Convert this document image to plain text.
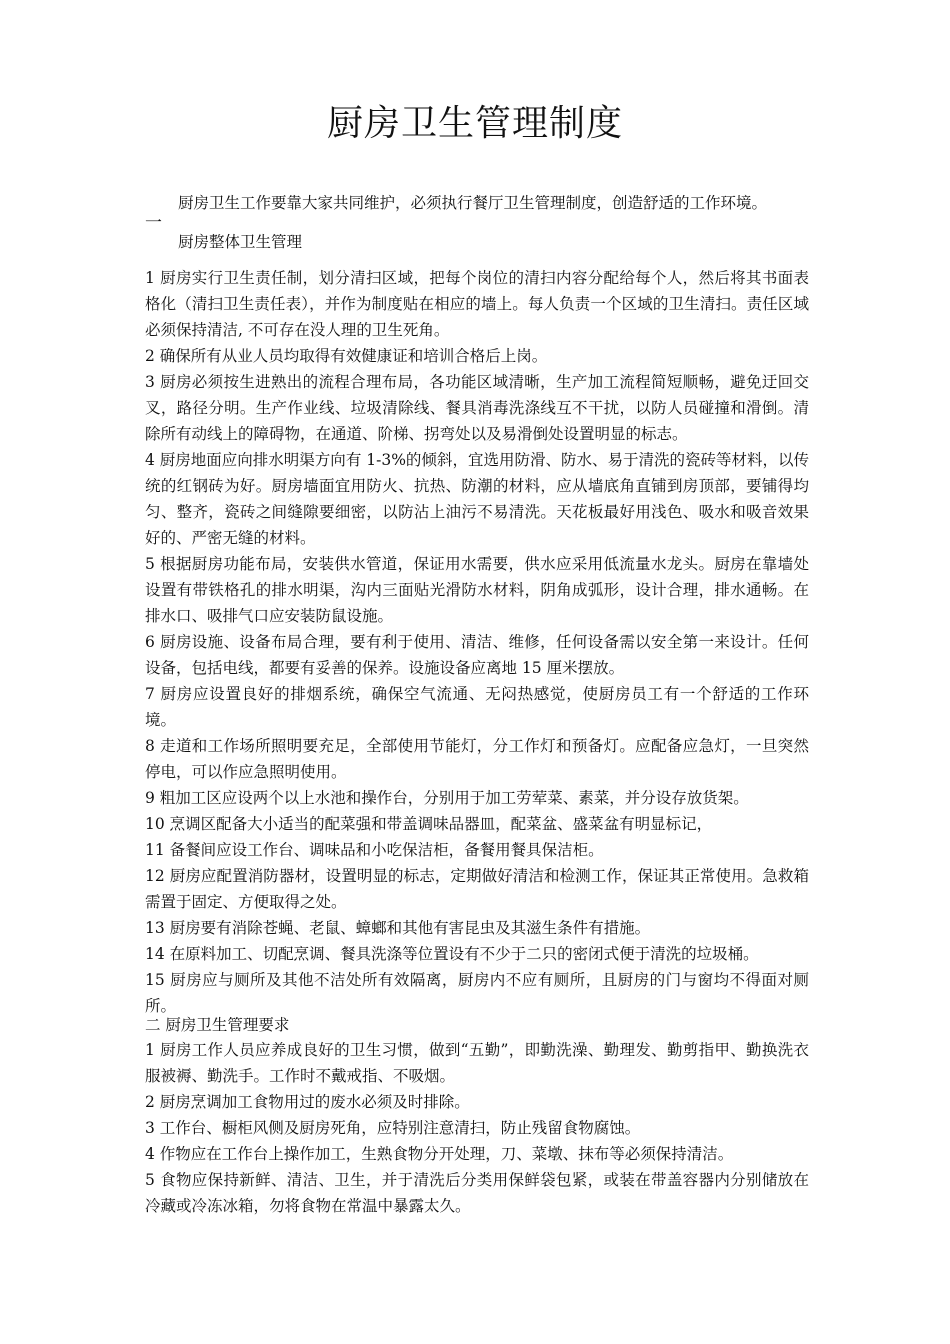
厨房卫生管理制度

厨房卫生工作要靠大家共同维护，必须执行餐厅卫生管理制度，创造舒适的工作环境。

一
厨房整体卫生管理
1 厨房实行卫生责任制，划分清扫区域，把每个岗位的清扫内容分配给每个人，然后将其书面表格化（清扫卫生责任表），并作为制度贴在相应的墙上。每人负责一个区域的卫生清扫。责任区域必须保持清洁, 不可存在没人理的卫生死角。
2 确保所有从业人员均取得有效健康证和培训合格后上岗。
3 厨房必须按生进熟出的流程合理布局，各功能区域清晰，生产加工流程简短顺畅，避免迂回交叉，路径分明。生产作业线、垃圾清除线、餐具消毒洗涤线互不干扰，以防人员碰撞和滑倒。清除所有动线上的障碍物，在通道、阶梯、拐弯处以及易滑倒处设置明显的标志。
4 厨房地面应向排水明渠方向有 1-3%的倾斜，宜选用防滑、防水、易于清洗的瓷砖等材料，以传统的红钢砖为好。厨房墙面宜用防火、抗热、防潮的材料，应从墙底角直铺到房顶部，要铺得均匀、整齐，瓷砖之间缝隙要细密，以防沾上油污不易清洗。天花板最好用浅色、吸水和吸音效果好的、严密无缝的材料。
5 根据厨房功能布局，安装供水管道，保证用水需要，供水应采用低流量水龙头。厨房在靠墙处设置有带铁格孔的排水明渠，沟内三面贴光滑防水材料，阴角成弧形，设计合理，排水通畅。在排水口、吸排气口应安装防鼠设施。
6 厨房设施、设备布局合理，要有利于使用、清洁、维修，任何设备需以安全第一来设计。任何设备，包括电线，都要有妥善的保养。设施设备应离地 15 厘米摆放。
7 厨房应设置良好的排烟系统，确保空气流通、无闷热感觉，使厨房员工有一个舒适的工作环境。
8 走道和工作场所照明要充足，全部使用节能灯，分工作灯和预备灯。应配备应急灯，一旦突然停电，可以作应急照明使用。
9 粗加工区应设两个以上水池和操作台，分别用于加工劳荤菜、素菜，并分设存放货架。
10 烹调区配备大小适当的配菜强和带盖调味品器皿，配菜盆、盛菜盆有明显标记，
11 备餐间应设工作台、调味品和小吃保洁柜，备餐用餐具保洁柜。
12 厨房应配置消防器材，设置明显的标志，定期做好清洁和检测工作，保证其正常使用。急救箱需置于固定、方便取得之处。
13 厨房要有消除苍蝇、老鼠、蟑螂和其他有害昆虫及其滋生条件有措施。
14 在原料加工、切配烹调、餐具洗涤等位置设有不少于二只的密闭式便于清洗的垃圾桶。
15 厨房应与厕所及其他不洁处所有效隔离，厨房内不应有厕所，且厨房的门与窗均不得面对厕所。
二 厨房卫生管理要求
1 厨房工作人员应养成良好的卫生习惯，做到“五勤”，即勤洗澡、勤理发、勤剪指甲、勤换洗衣服被褥、勤洗手。工作时不戴戒指、不吸烟。
2 厨房烹调加工食物用过的废水必须及时排除。
3 工作台、橱柜风侧及厨房死角，应特别注意清扫，防止残留食物腐蚀。
4 作物应在工作台上操作加工，生熟食物分开处理，刀、菜墩、抹布等必须保持清洁。
5 食物应保持新鲜、清洁、卫生，并于清洗后分类用保鲜袋包紧，或装在带盖容器内分别储放在冷藏或冷冻冰箱，勿将食物在常温中暴露太久。
